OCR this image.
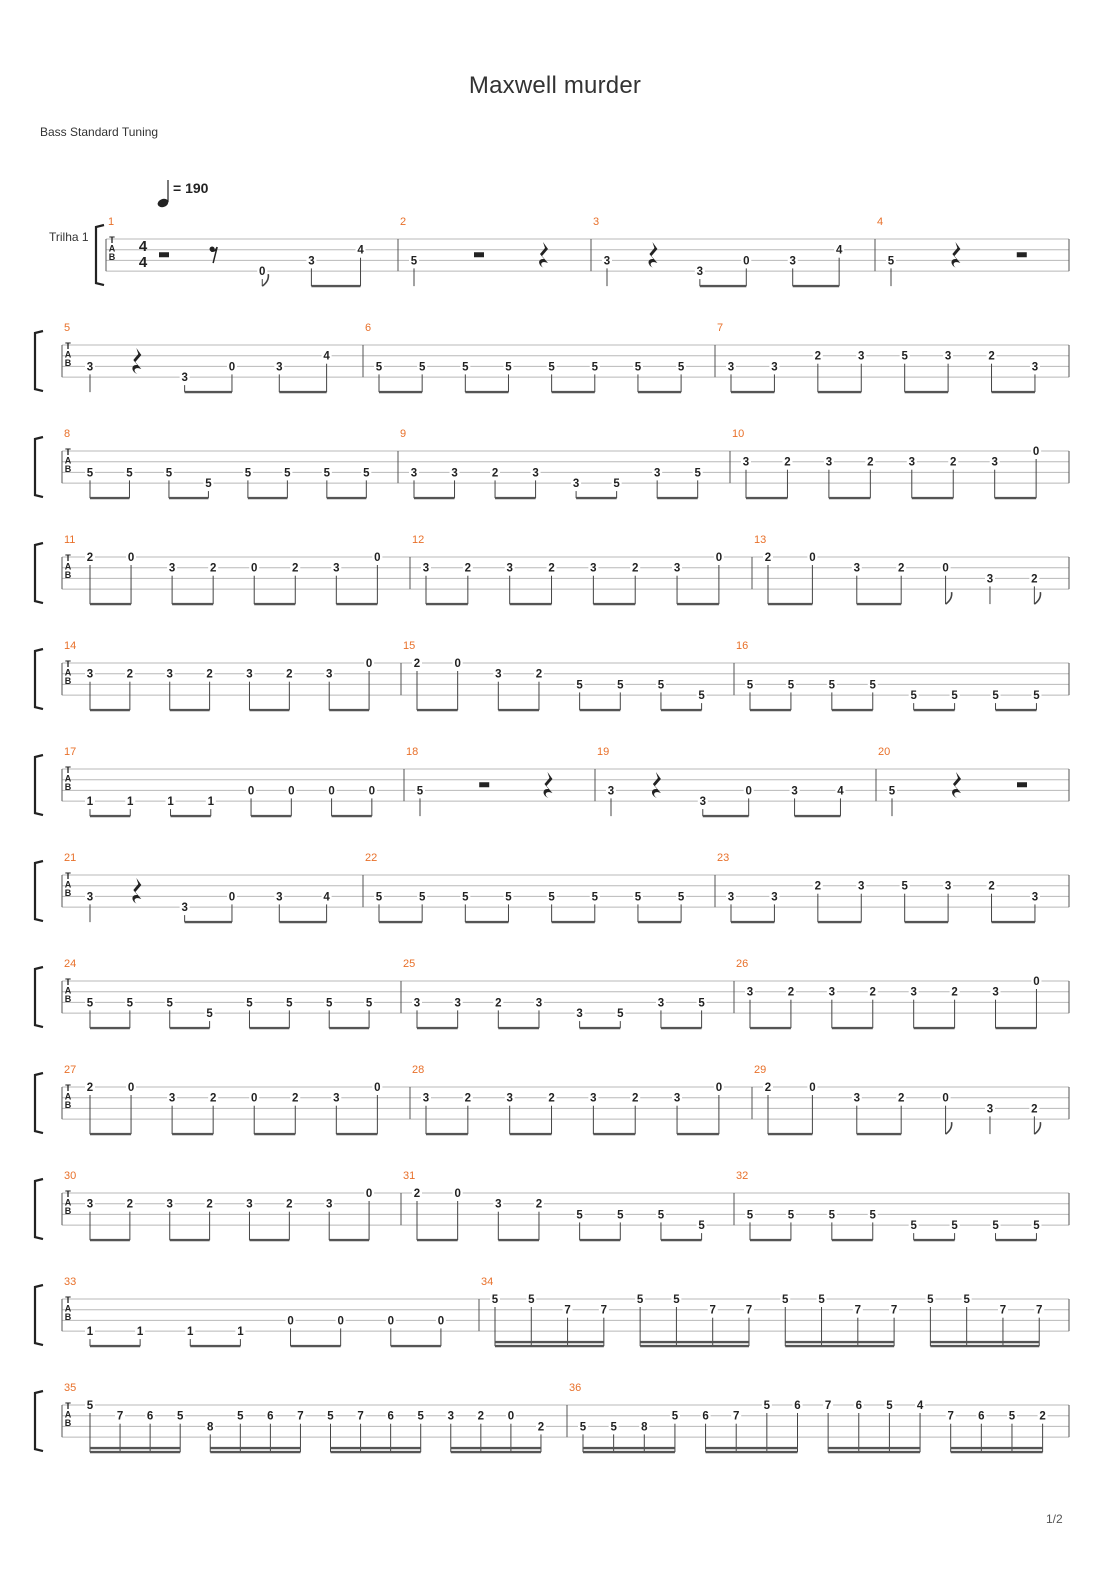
Maxwell murder
Bass Standard Tuning
= 190
Trilha 1 T
A
B
4
4
1
0
3
4
2
5
3
3
3
0	3
4
4
5
T
A
B
5
3
3
0	3
4
6
5	5	5	5	5	5	5	5
7
3	3
2	3	5	3	2
3
T
A
B
8
5	5	5
5
5	5	5	5
9
3	3	2	3
3	5
3	5
10
3	2	3	2	3	2	3
0
T
A
B
11
2	0
3	2	0	2	3
0
12
3	2	3	2	3	2	3
0
13
2	0
3	2	0
3	2
T
A
B
14
3	2	3	2	3	2	3
0
15
2	0
3	2
5	5	5
5
16
5	5	5	5
5	5	5	5
T
A
B
17
1	1	1	1
0	0	0	0
18
5
19
3
3
0	3	4
20
5
T
A
B
21
3
3
0	3	4
22
5	5	5	5	5	5	5	5
23
3	3
2	3	5	3	2
3
T
A
B
24
5	5	5
5
5	5	5	5
25
3	3	2	3
3	5
3	5
26
3	2	3	2	3	2	3
0
T
A
B
27
2	0
3	2	0	2	3
0
28
3	2	3	2	3	2	3
0
29
2	0
3	2	0
3	2
T
A
B
30
3	2	3	2	3	2	3
0
31
2	0
3	2
5	5	5
5
32
5	5	5	5
5	5	5	5
T
A
B
33
1	1	1	1
0	0	0	0
34
5	5
7	7
5	5
7	7
5	5
7	7
5	5
7	7
T
A
B
35
5
7 6 5
8
5 6 7 5 7 6 5 3 2 0
2
36
5 5 8
5 6 7
5 6 7 6 5 4
7 6 5 2
1/2
